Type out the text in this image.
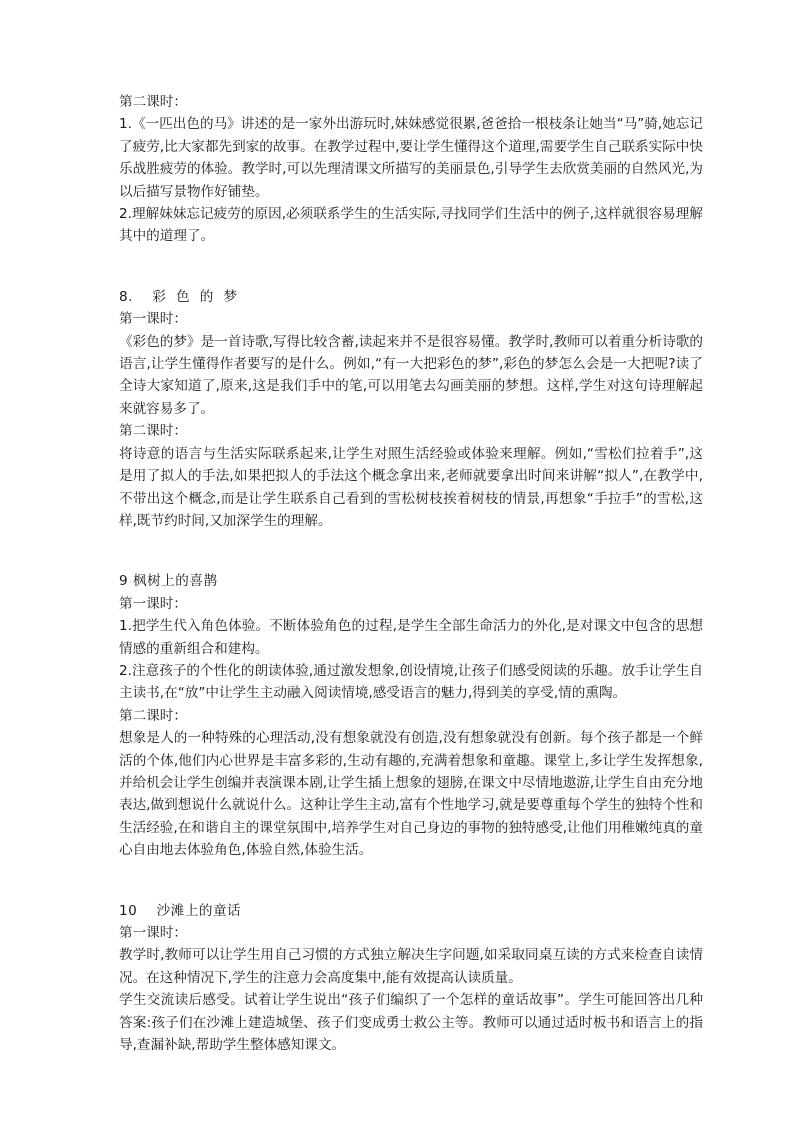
第二课时：

1.《一匹出色的马》讲述的是一家外出游玩时,妹妹感觉很累,爸爸拾一根枝条让她当“马”骑,她忘记了疲劳,比大家都先到家的故事。在教学过程中,要让学生懂得这个道理,需要学生自己联系实际中快乐战胜疲劳的体验。教学时,可以先理清课文所描写的美丽景色,引导学生去欣赏美丽的自然风光,为以后描写景物作好铺垫。

2.理解妹妹忘记疲劳的原因,必须联系学生的生活实际,寻找同学们生活中的例子,这样就很容易理解其中的道理了。

8.    彩  色  的  梦

第一课时：

《彩色的梦》是一首诗歌,写得比较含蓄,读起来并不是很容易懂。教学时,教师可以着重分析诗歌的语言,让学生懂得作者要写的是什么。例如,“有一大把彩色的梦”,彩色的梦怎么会是一大把呢?读了全诗大家知道了,原来,这是我们手中的笔,可以用笔去勾画美丽的梦想。这样,学生对这句诗理解起来就容易多了。

第二课时：

将诗意的语言与生活实际联系起来,让学生对照生活经验或体验来理解。例如,“雪松们拉着手”,这是用了拟人的手法,如果把拟人的手法这个概念拿出来,老师就要拿出时间来讲解“拟人”,在教学中,不带出这个概念,而是让学生联系自己看到的雪松树枝挨着树枝的情景,再想象“手拉手”的雪松,这样,既节约时间,又加深学生的理解。

9 枫树上的喜鹊

第一课时：

1.把学生代入角色体验。不断体验角色的过程,是学生全部生命活力的外化,是对课文中包含的思想情感的重新组合和建构。

2.注意孩子的个性化的朗读体验,通过激发想象,创设情境,让孩子们感受阅读的乐趣。放手让学生自主读书,在“放”中让学生主动融入阅读情境,感受语言的魅力,得到美的享受,情的熏陶。

第二课时：

想象是人的一种特殊的心理活动,没有想象就没有创造,没有想象就没有创新。每个孩子都是一个鲜活的个体,他们内心世界是丰富多彩的,生动有趣的,充满着想象和童趣。课堂上,多让学生发挥想象,并给机会让学生创编并表演课本剧,让学生插上想象的翅膀,在课文中尽情地遨游,让学生自由充分地表达,做到想说什么就说什么。这种让学生主动,富有个性地学习,就是要尊重每个学生的独特个性和生活经验,在和谐自主的课堂氛围中,培养学生对自己身边的事物的独特感受,让他们用稚嫩纯真的童心自由地去体验角色,体验自然,体验生活。

10    沙滩上的童话

第一课时：

教学时,教师可以让学生用自己习惯的方式独立解决生字问题,如采取同桌互读的方式来检查自读情况。在这种情况下,学生的注意力会高度集中,能有效提高认读质量。

学生交流读后感受。试着让学生说出“孩子们编织了一个怎样的童话故事”。学生可能回答出几种答案:孩子们在沙滩上建造城堡、孩子们变成勇士救公主等。教师可以通过适时板书和语言上的指导,查漏补缺,帮助学生整体感知课文。
